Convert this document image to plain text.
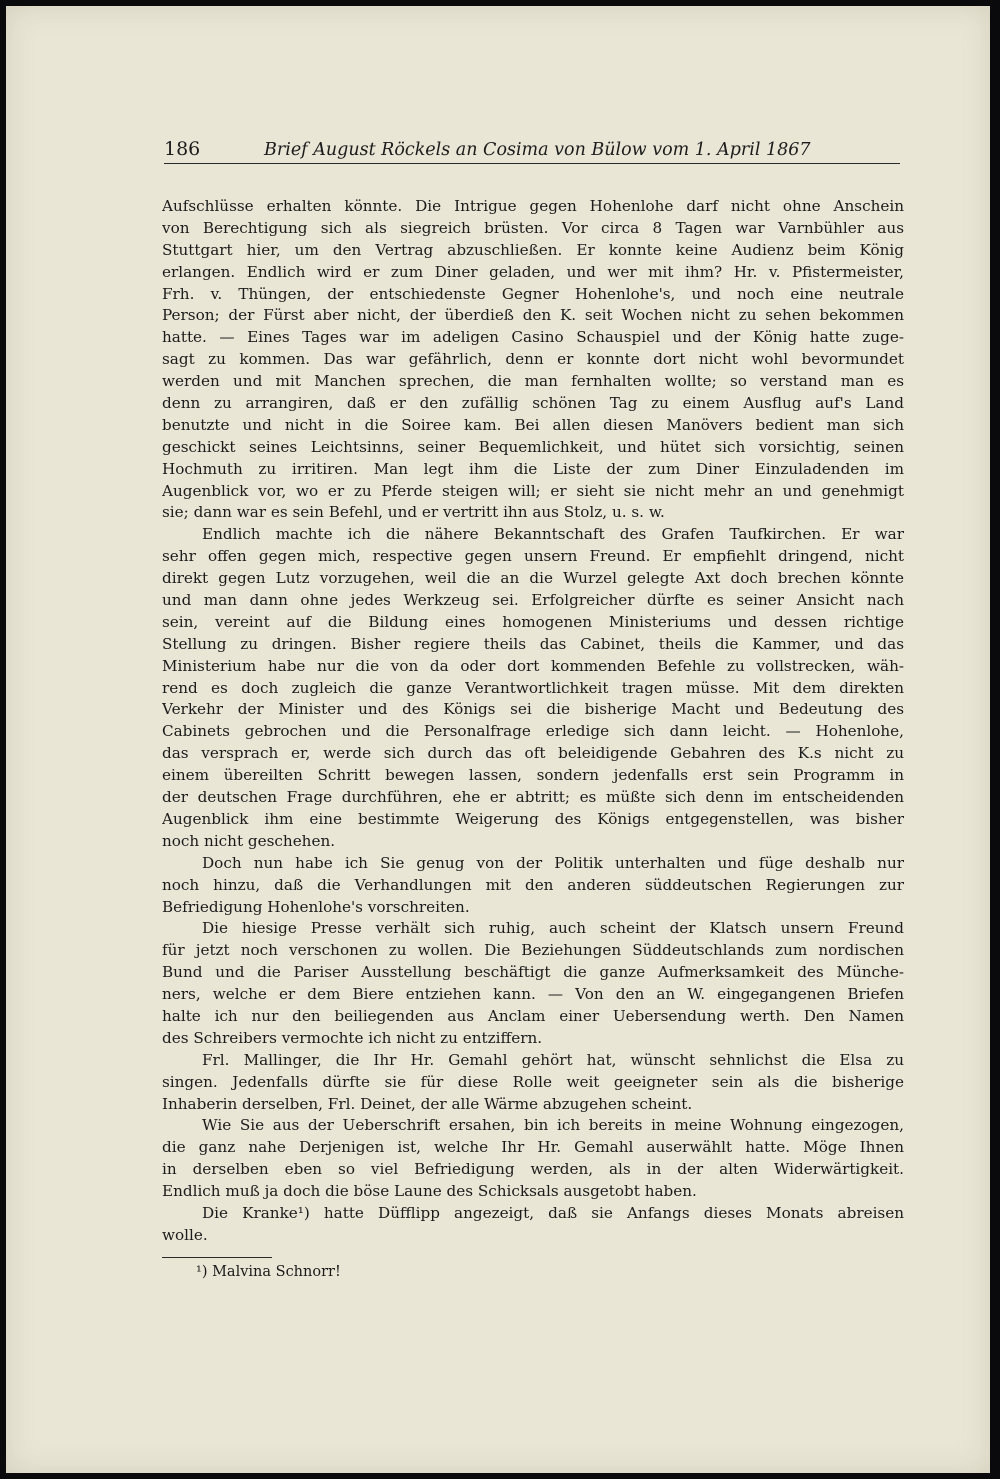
186	Brief August Röckels an Cosima von Bülow vom 1. April 1867
Aufschlüsse erhalten könnte. Die Intrigue gegen Hohenlohe darf nicht ohne Anschein
von Berechtigung sich als siegreich brüsten. Vor circa 8 Tagen war Varnbühler aus
Stuttgart hier, um den Vertrag abzuschließen. Er konnte keine Audienz beim König
erlangen. Endlich wird er zum Diner geladen, und wer mit ihm? Hr. v. Pfistermeister,
Frh. v. Thüngen, der entschiedenste Gegner Hohenlohe's, und noch eine neutrale
Person; der Fürst aber nicht, der überdieß den K. seit Wochen nicht zu sehen bekommen
hatte. — Eines Tages war im adeligen Casino Schauspiel und der König hatte zuge-
sagt zu kommen. Das war gefährlich, denn er konnte dort nicht wohl bevormundet
werden und mit Manchen sprechen, die man fernhalten wollte; so verstand man es
denn zu arrangiren, daß er den zufällig schönen Tag zu einem Ausflug auf's Land
benutzte und nicht in die Soiree kam. Bei allen diesen Manövers bedient man sich
geschickt seines Leichtsinns, seiner Bequemlichkeit, und hütet sich vorsichtig, seinen
Hochmuth zu irritiren. Man legt ihm die Liste der zum Diner Einzuladenden im
Augenblick vor, wo er zu Pferde steigen will; er sieht sie nicht mehr an und genehmigt
sie; dann war es sein Befehl, und er vertritt ihn aus Stolz, u. s. w.
Endlich machte ich die nähere Bekanntschaft des Grafen Taufkirchen. Er war
sehr offen gegen mich, respective gegen unsern Freund. Er empfiehlt dringend, nicht
direkt gegen Lutz vorzugehen, weil die an die Wurzel gelegte Axt doch brechen könnte
und man dann ohne jedes Werkzeug sei. Erfolgreicher dürfte es seiner Ansicht nach
sein, vereint auf die Bildung eines homogenen Ministeriums und dessen richtige
Stellung zu dringen. Bisher regiere theils das Cabinet, theils die Kammer, und das
Ministerium habe nur die von da oder dort kommenden Befehle zu vollstrecken, wäh-
rend es doch zugleich die ganze Verantwortlichkeit tragen müsse. Mit dem direkten
Verkehr der Minister und des Königs sei die bisherige Macht und Bedeutung des
Cabinets gebrochen und die Personalfrage erledige sich dann leicht. — Hohenlohe,
das versprach er, werde sich durch das oft beleidigende Gebahren des K.s nicht zu
einem übereilten Schritt bewegen lassen, sondern jedenfalls erst sein Programm in
der deutschen Frage durchführen, ehe er abtritt; es müßte sich denn im entscheidenden
Augenblick ihm eine bestimmte Weigerung des Königs entgegenstellen, was bisher
noch nicht geschehen.
Doch nun habe ich Sie genug von der Politik unterhalten und füge deshalb nur
noch hinzu, daß die Verhandlungen mit den anderen süddeutschen Regierungen zur
Befriedigung Hohenlohe's vorschreiten.
Die hiesige Presse verhält sich ruhig, auch scheint der Klatsch unsern Freund
für jetzt noch verschonen zu wollen. Die Beziehungen Süddeutschlands zum nordischen
Bund und die Pariser Ausstellung beschäftigt die ganze Aufmerksamkeit des Münche-
ners, welche er dem Biere entziehen kann. — Von den an W. eingegangenen Briefen
halte ich nur den beiliegenden aus Anclam einer Uebersendung werth. Den Namen
des Schreibers vermochte ich nicht zu entziffern.
Frl. Mallinger, die Ihr Hr. Gemahl gehört hat, wünscht sehnlichst die Elsa zu
singen. Jedenfalls dürfte sie für diese Rolle weit geeigneter sein als die bisherige
Inhaberin derselben, Frl. Deinet, der alle Wärme abzugehen scheint.
Wie Sie aus der Ueberschrift ersahen, bin ich bereits in meine Wohnung eingezogen,
die ganz nahe Derjenigen ist, welche Ihr Hr. Gemahl auserwählt hatte. Möge Ihnen
in derselben eben so viel Befriedigung werden, als in der alten Widerwärtigkeit.
Endlich muß ja doch die böse Laune des Schicksals ausgetobt haben.
Die Kranke¹) hatte Düfflipp angezeigt, daß sie Anfangs dieses Monats abreisen
wolle.
¹) Malvina Schnorr!
